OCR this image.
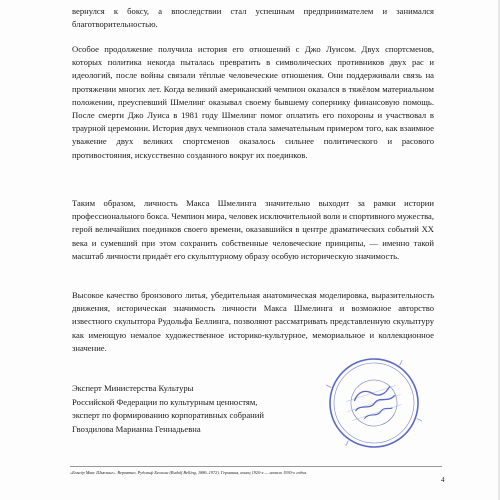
вернулся к боксу, а впоследствии стал успешным предпринимателем и занимался благотворительностью.

Особое продолжение получила история его отношений с Джо Луисом. Двух спортсменов, которых политика некогда пыталась превратить в символических противников двух рас и идеологий, после войны связали тёплые человеческие отношения. Они поддерживали связь на протяжении многих лет. Когда великий американский чемпион оказался в тяжёлом материальном положении, преуспевший Шмелинг оказывал своему бывшему сопернику финансовую помощь. После смерти Джо Луиса в 1981 году Шмелинг помог оплатить его похороны и участвовал в траурной церемонии. История двух чемпионов стала замечательным примером того, как взаимное уважение двух великих спортсменов оказалось сильнее политического и расового противостояния, искусственно созданного вокруг их поединков.

Таким образом, личность Макса Шмелинга значительно выходит за рамки истории профессионального бокса. Чемпион мира, человек исключительной воли и спортивного мужества, герой величайших поединков своего времени, оказавшийся в центре драматических событий XX века и сумевший при этом сохранить собственные человеческие принципы, — именно такой масштаб личности придаёт его скульптурному образу особую историческую значимость.

Высокое качество бронзового литья, убедительная анатомическая моделировка, выразительность движения, историческая значимость личности Макса Шмелинга и возможное авторство известного скульптора Рудольфа Беллинга, позволяют рассматривать представленную скульптуру как имеющую немалое художественное историко-культурное, мемориальное и коллекционное значение.

Эксперт Министерства Культуры
Российской Федерации по культурным ценностям,
эксперт по формированию корпоративных собраний
Гвоздилова Марианна Геннадьевна
«Боксёр Макс Шмелинг». Вероятно, Рудольф Беллинг (Rudolf Belling, 1886–1972). Германия, конец 1920-х — начало 1930-х годов.
4
